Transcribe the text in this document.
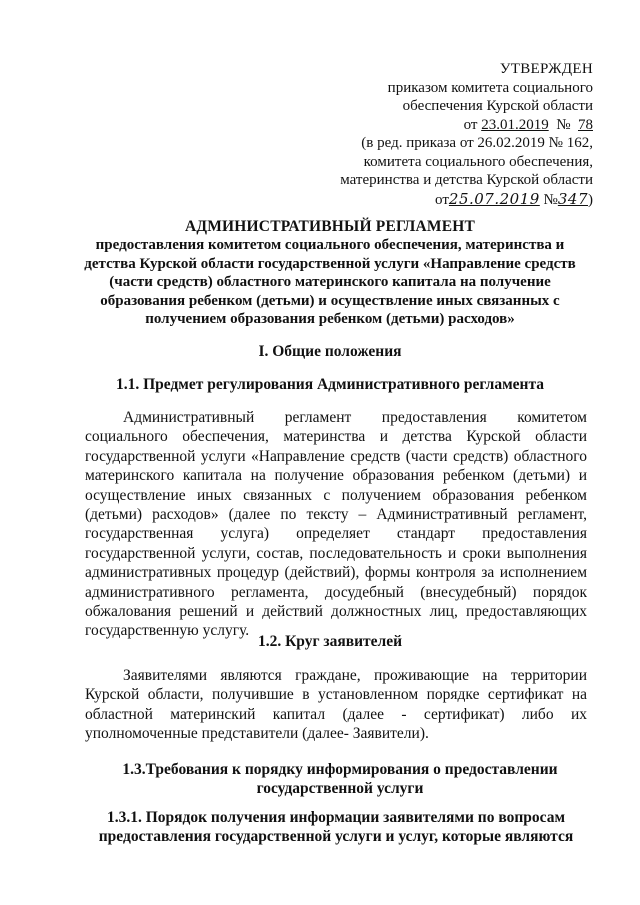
УТВЕРЖДЕН
приказом комитета социального
обеспечения Курской области
от 23.01.2019 № 78
(в ред. приказа от 26.02.2019 № 162,
комитета социального обеспечения,
материнства и детства Курской области
от25.07.2019 №347)
АДМИНИСТРАТИВНЫЙ РЕГЛАМЕНТ
предоставления комитетом социального обеспечения, материнства и детства Курской области государственной услуги «Направление средств (части средств) областного материнского капитала на получение образования ребенком (детьми) и осуществление иных связанных с получением образования ребенком (детьми) расходов»
I. Общие положения
1.1. Предмет регулирования Административного регламента
Административный регламент предоставления комитетом социального обеспечения, материнства и детства Курской области государственной услуги «Направление средств (части средств) областного материнского капитала на получение образования ребенком (детьми) и осуществление иных связанных с получением образования ребенком (детьми) расходов» (далее по тексту – Административный регламент, государственная услуга) определяет стандарт предоставления государственной услуги, состав, последовательность и сроки выполнения административных процедур (действий), формы контроля за исполнением административного регламента, досудебный (внесудебный) порядок обжалования решений и действий должностных лиц, предоставляющих государственную услугу.
1.2. Круг заявителей
Заявителями являются граждане, проживающие на территории Курской области, получившие в установленном порядке сертификат на областной материнский капитал (далее - сертификат) либо их уполномоченные представители (далее- Заявители).
1.3.Требования к порядку информирования о предоставлении государственной услуги
1.3.1. Порядок получения информации заявителями по вопросам предоставления государственной услуги и услуг, которые являются
